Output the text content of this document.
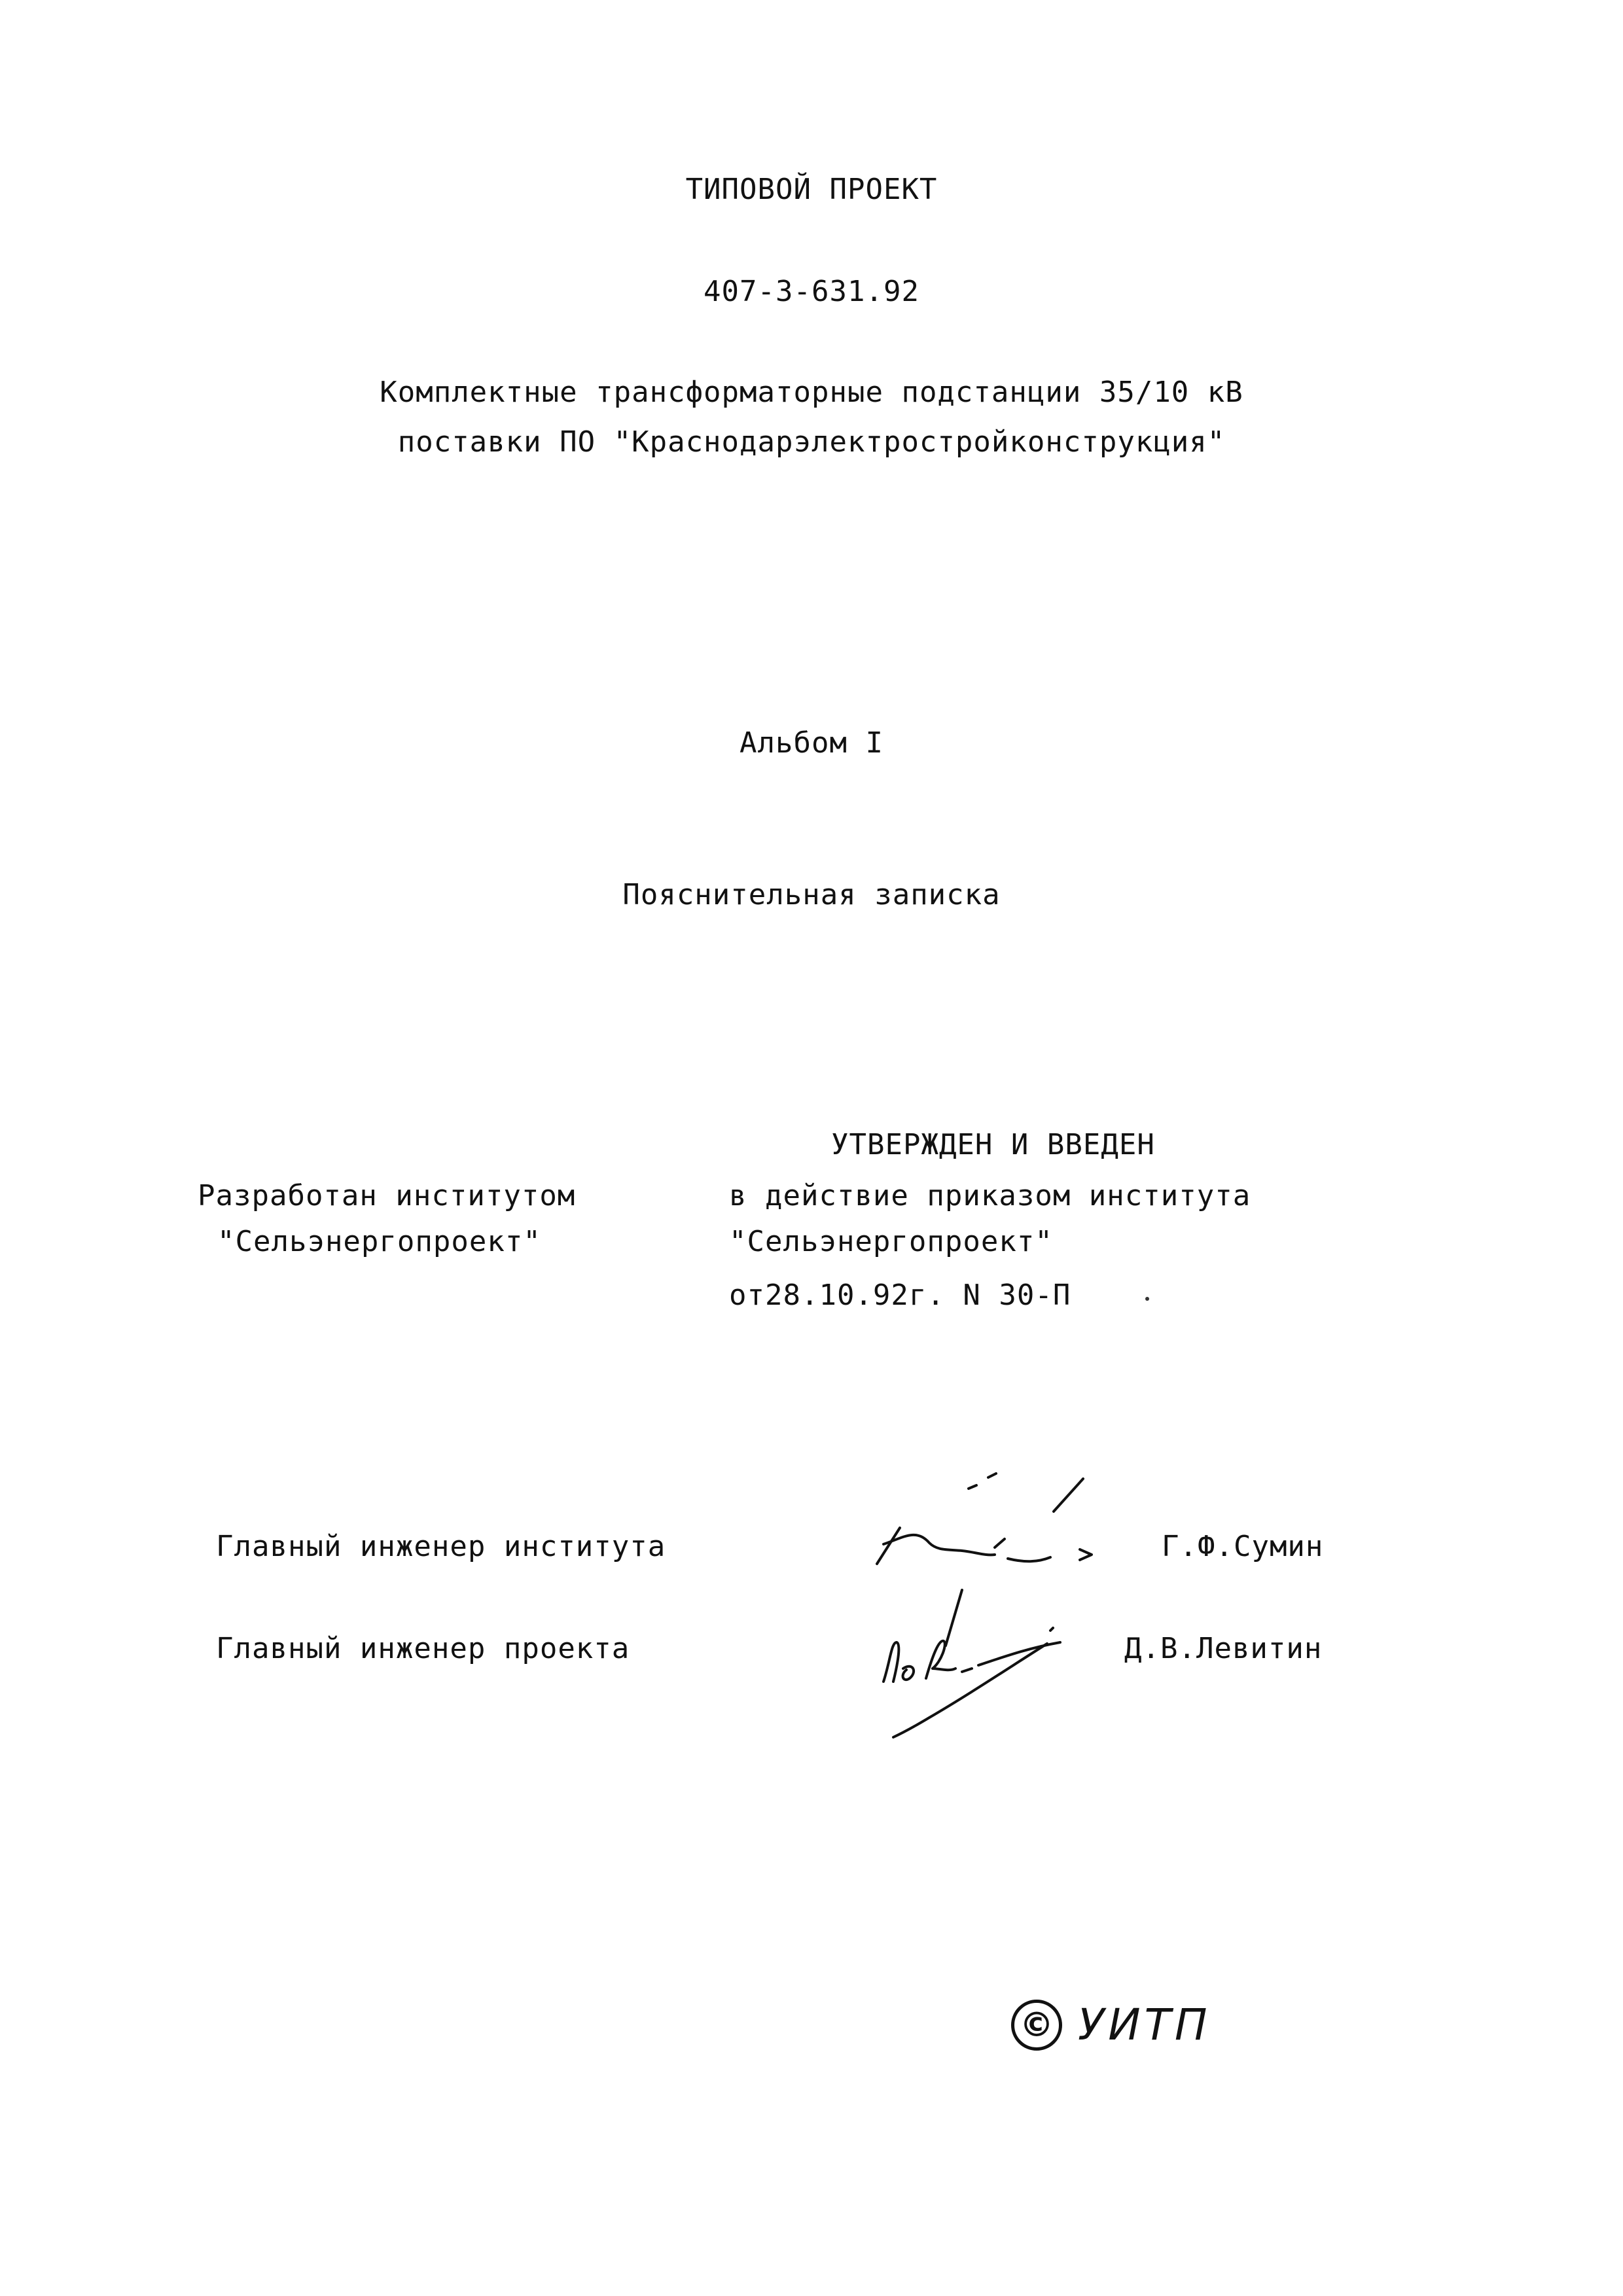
ТИПОВОЙ ПРОЕКТ
407-3-631.92
Комплектные трансформаторные подстанции 35/10 кВ
поставки ПО "Краснодарэлектростройконструкция"
Альбом I
Пояснительная записка
УТВЕРЖДЕН И ВВЕДЕН
Разработан институтом	в действие приказом института
"Сельэнергопроект"	"Сельэнергопроект"
от28.10.92г. N 30-П
Главный инженер института	Г.Ф.Сумин
Главный инженер проекта	Д.В.Левитин
© УИТП
